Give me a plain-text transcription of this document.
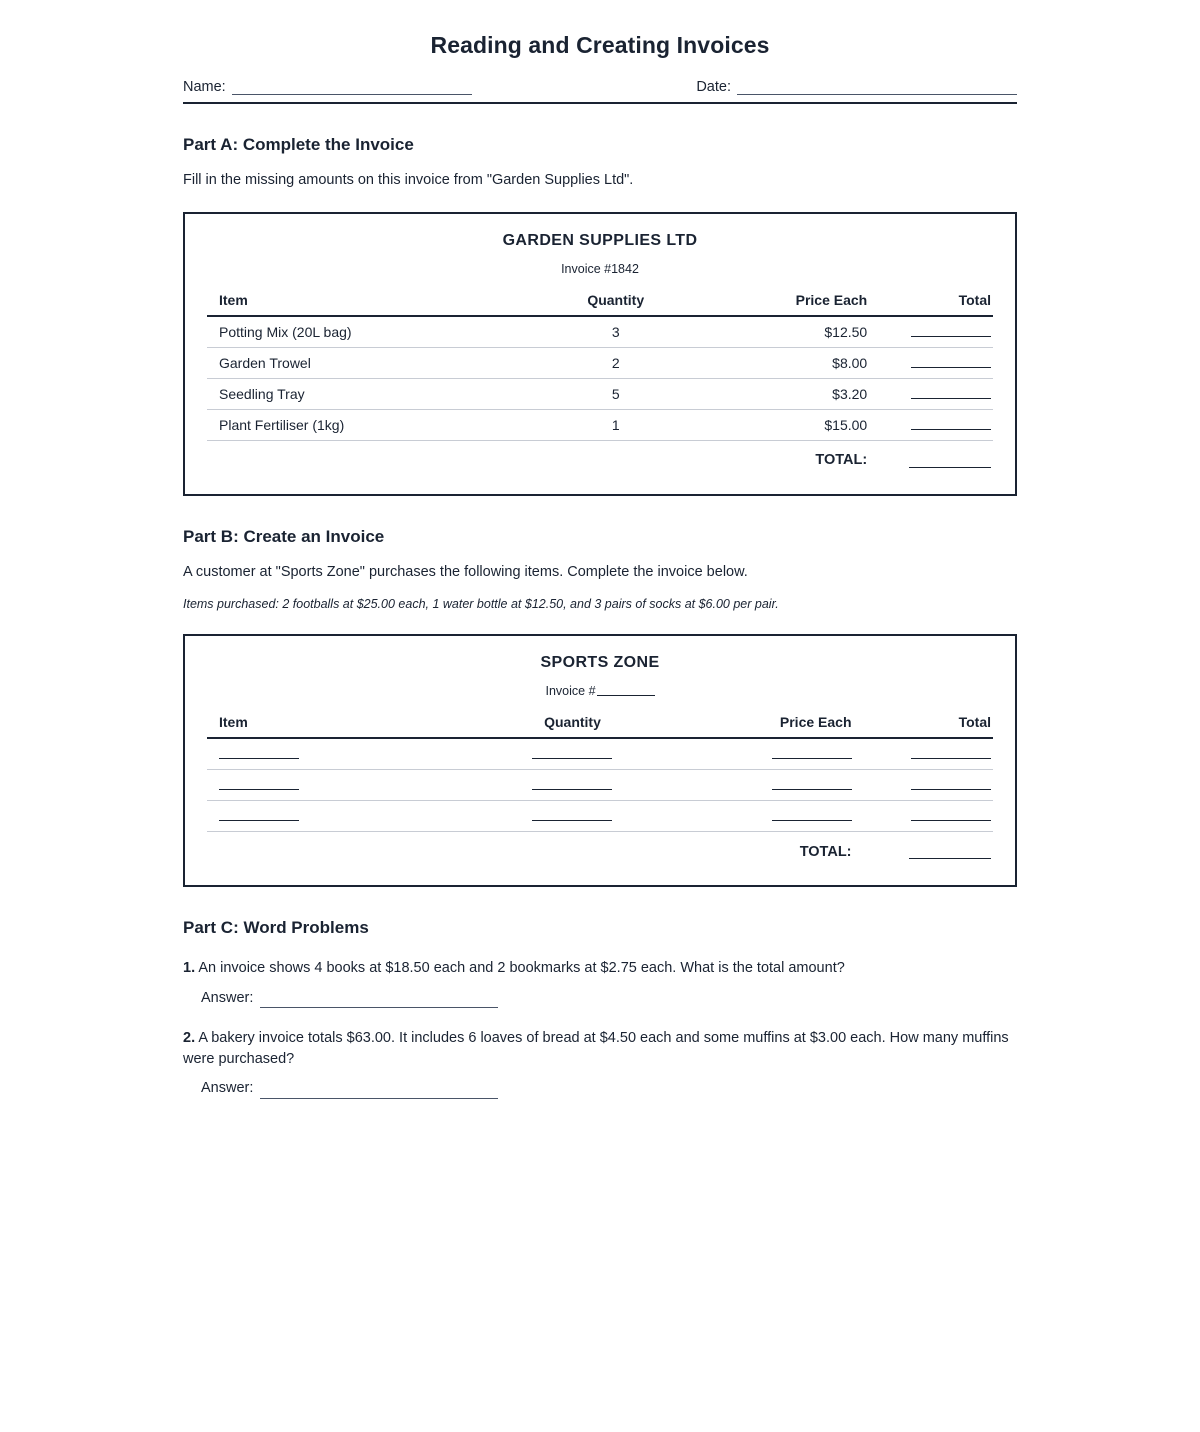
Reading and Creating Invoices
Name:	Date:
Part A: Complete the Invoice

Fill in the missing amounts on this invoice from "Garden Supplies Ltd".

GARDEN SUPPLIES LTD
Invoice #1842
Item	Quantity	Price Each	Total
Potting Mix (20L bag)	3	$12.50	
Garden Trowel	2	$8.00	
Seedling Tray	5	$3.20	
Plant Fertiliser (1kg)	1	$15.00	
		TOTAL:	
Part B: Create an Invoice

A customer at "Sports Zone" purchases the following items. Complete the invoice below.

Items purchased: 2 footballs at $25.00 each, 1 water bottle at $12.50, and 3 pairs of socks at $6.00 per pair.

SPORTS ZONE
Invoice #
Item	Quantity	Price Each	Total

		TOTAL:	
Part C: Word Problems
1. An invoice shows 4 books at $18.50 each and 2 bookmarks at $2.75 each. What is the total amount?
Answer:
2. A bakery invoice totals $63.00. It includes 6 loaves of bread at $4.50 each and some muffins at $3.00 each. How many muffins were purchased?
Answer:
